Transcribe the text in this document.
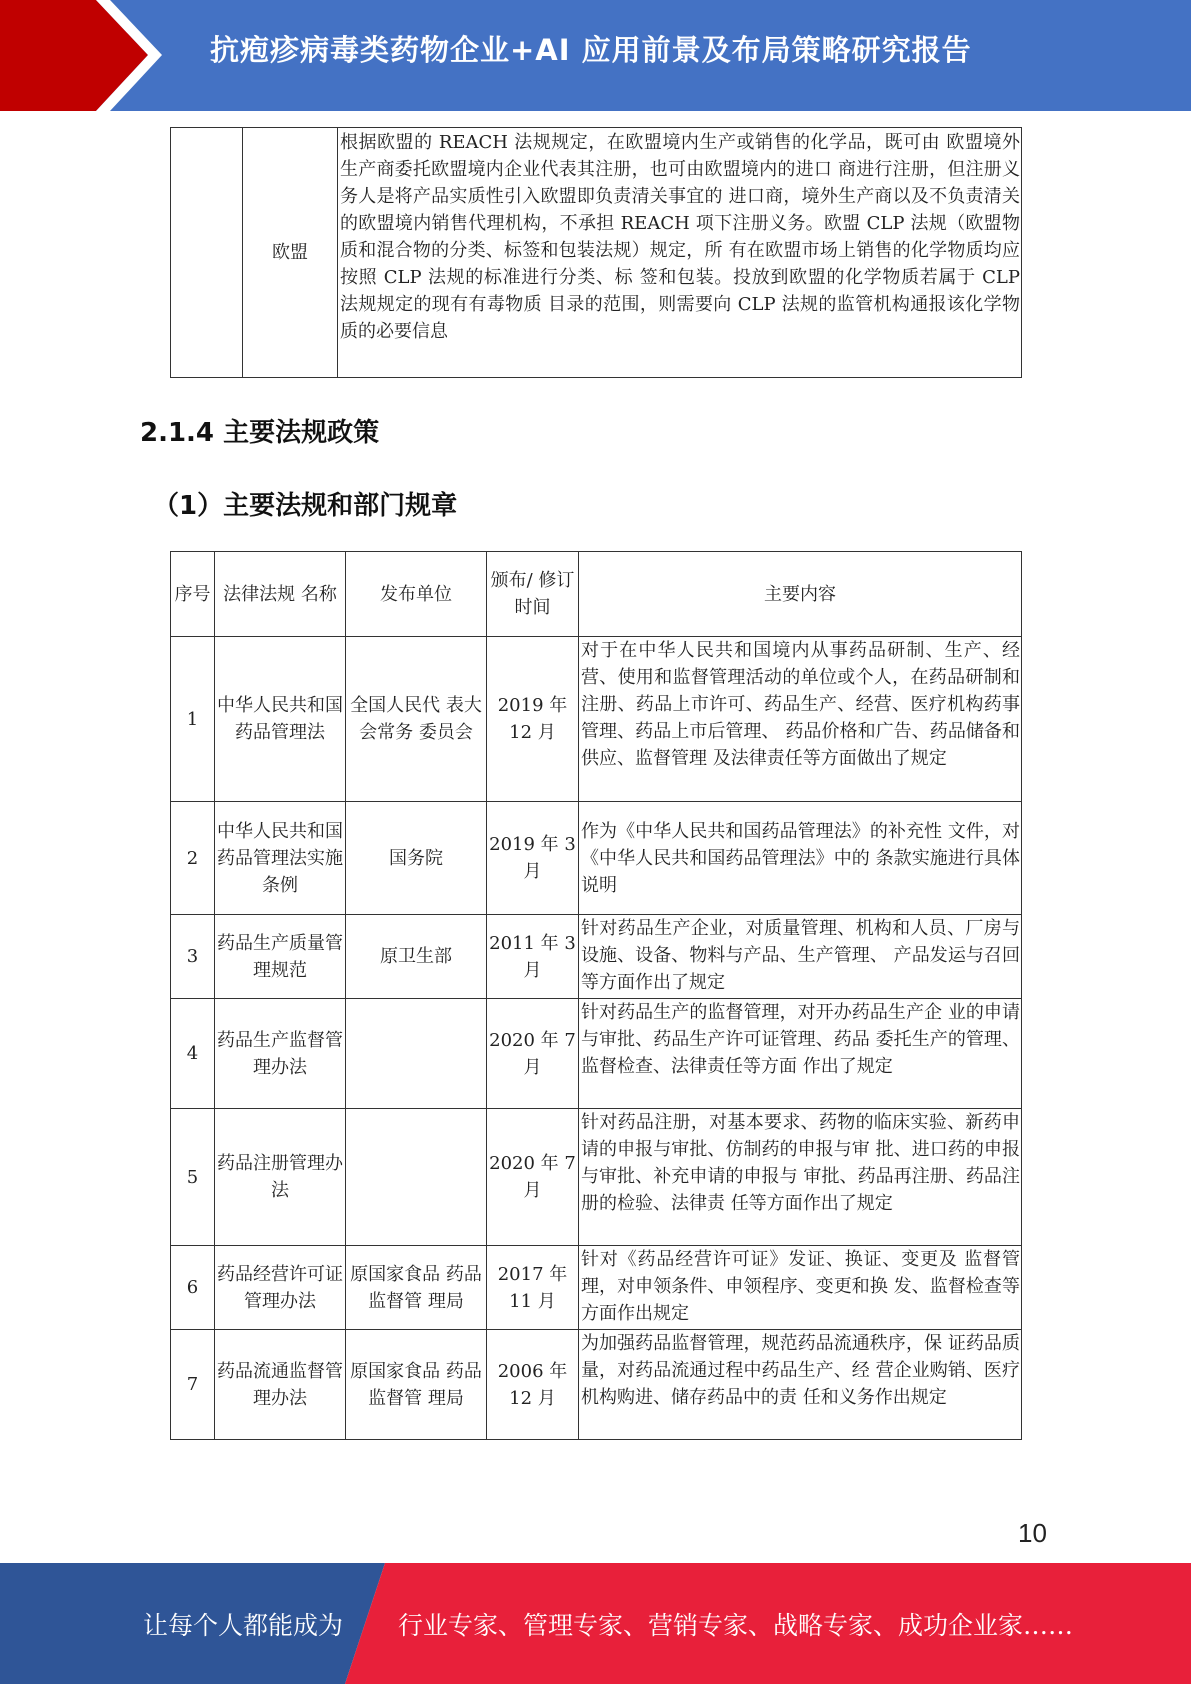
抗疱疹病毒类药物企业+AI 应用前景及布局策略研究报告
	欧盟	根据欧盟的 REACH 法规规定，在欧盟境内生产或销售的化学品，既可由 欧盟境外生产商委托欧盟境内企业代表其注册，也可由欧盟境内的进口 商进行注册，但注册义务人是将产品实质性引入欧盟即负责清关事宜的 进口商，境外生产商以及不负责清关的欧盟境内销售代理机构，不承担 REACH 项下注册义务。欧盟 CLP 法规（欧盟物质和混合物的分类、标签和包装法规）规定，所 有在欧盟市场上销售的化学物质均应按照 CLP 法规的标准进行分类、标 签和包装。投放到欧盟的化学物质若属于 CLP 法规规定的现有有毒物质 目录的范围，则需要向 CLP 法规的监管机构通报该化学物质的必要信息
2.1.4 主要法规政策
（1）主要法规和部门规章
序号	法律法规 名称	发布单位	颁布/ 修订 时间	主要内容
1	中华人民共和国药品管理法	全国人民代 表大会常务 委员会	2019 年 12 月	对于在中华人民共和国境内从事药品研制、生产、经营、使用和监督管理活动的单位或个人，在药品研制和注册、药品上市许可、药品生产、经营、医疗机构药事管理、药品上市后管理、 药品价格和广告、药品储备和供应、监督管理 及法律责任等方面做出了规定
2	中华人民共和国药品管理法实施条例	国务院	2019 年 3 月	作为《中华人民共和国药品管理法》的补充性 文件，对《中华人民共和国药品管理法》中的 条款实施进行具体说明
3	药品生产质量管理规范	原卫生部	2011 年 3 月	针对药品生产企业，对质量管理、机构和人员、厂房与设施、设备、物料与产品、生产管理、 产品发运与召回等方面作出了规定
4	药品生产监督管理办法		2020 年 7 月	针对药品生产的监督管理，对开办药品生产企 业的申请与审批、药品生产许可证管理、药品 委托生产的管理、监督检查、法律责任等方面 作出了规定
5	药品注册管理办法		2020 年 7 月	针对药品注册，对基本要求、药物的临床实验、新药申请的申报与审批、仿制药的申报与审 批、进口药的申报与审批、补充申请的申报与 审批、药品再注册、药品注册的检验、法律责 任等方面作出了规定
6	药品经营许可证管理办法	原国家食品 药品监督管 理局	2017 年 11 月	针对《药品经营许可证》发证、换证、变更及 监督管理，对申领条件、申领程序、变更和换 发、监督检查等方面作出规定
7	药品流通监督管理办法	原国家食品 药品监督管 理局	2006 年 12 月	为加强药品监督管理，规范药品流通秩序，保 证药品质量，对药品流通过程中药品生产、经 营企业购销、医疗机构购进、储存药品中的责 任和义务作出规定
10
让每个人都能成为 行业专家、管理专家、营销专家、战略专家、成功企业家……
